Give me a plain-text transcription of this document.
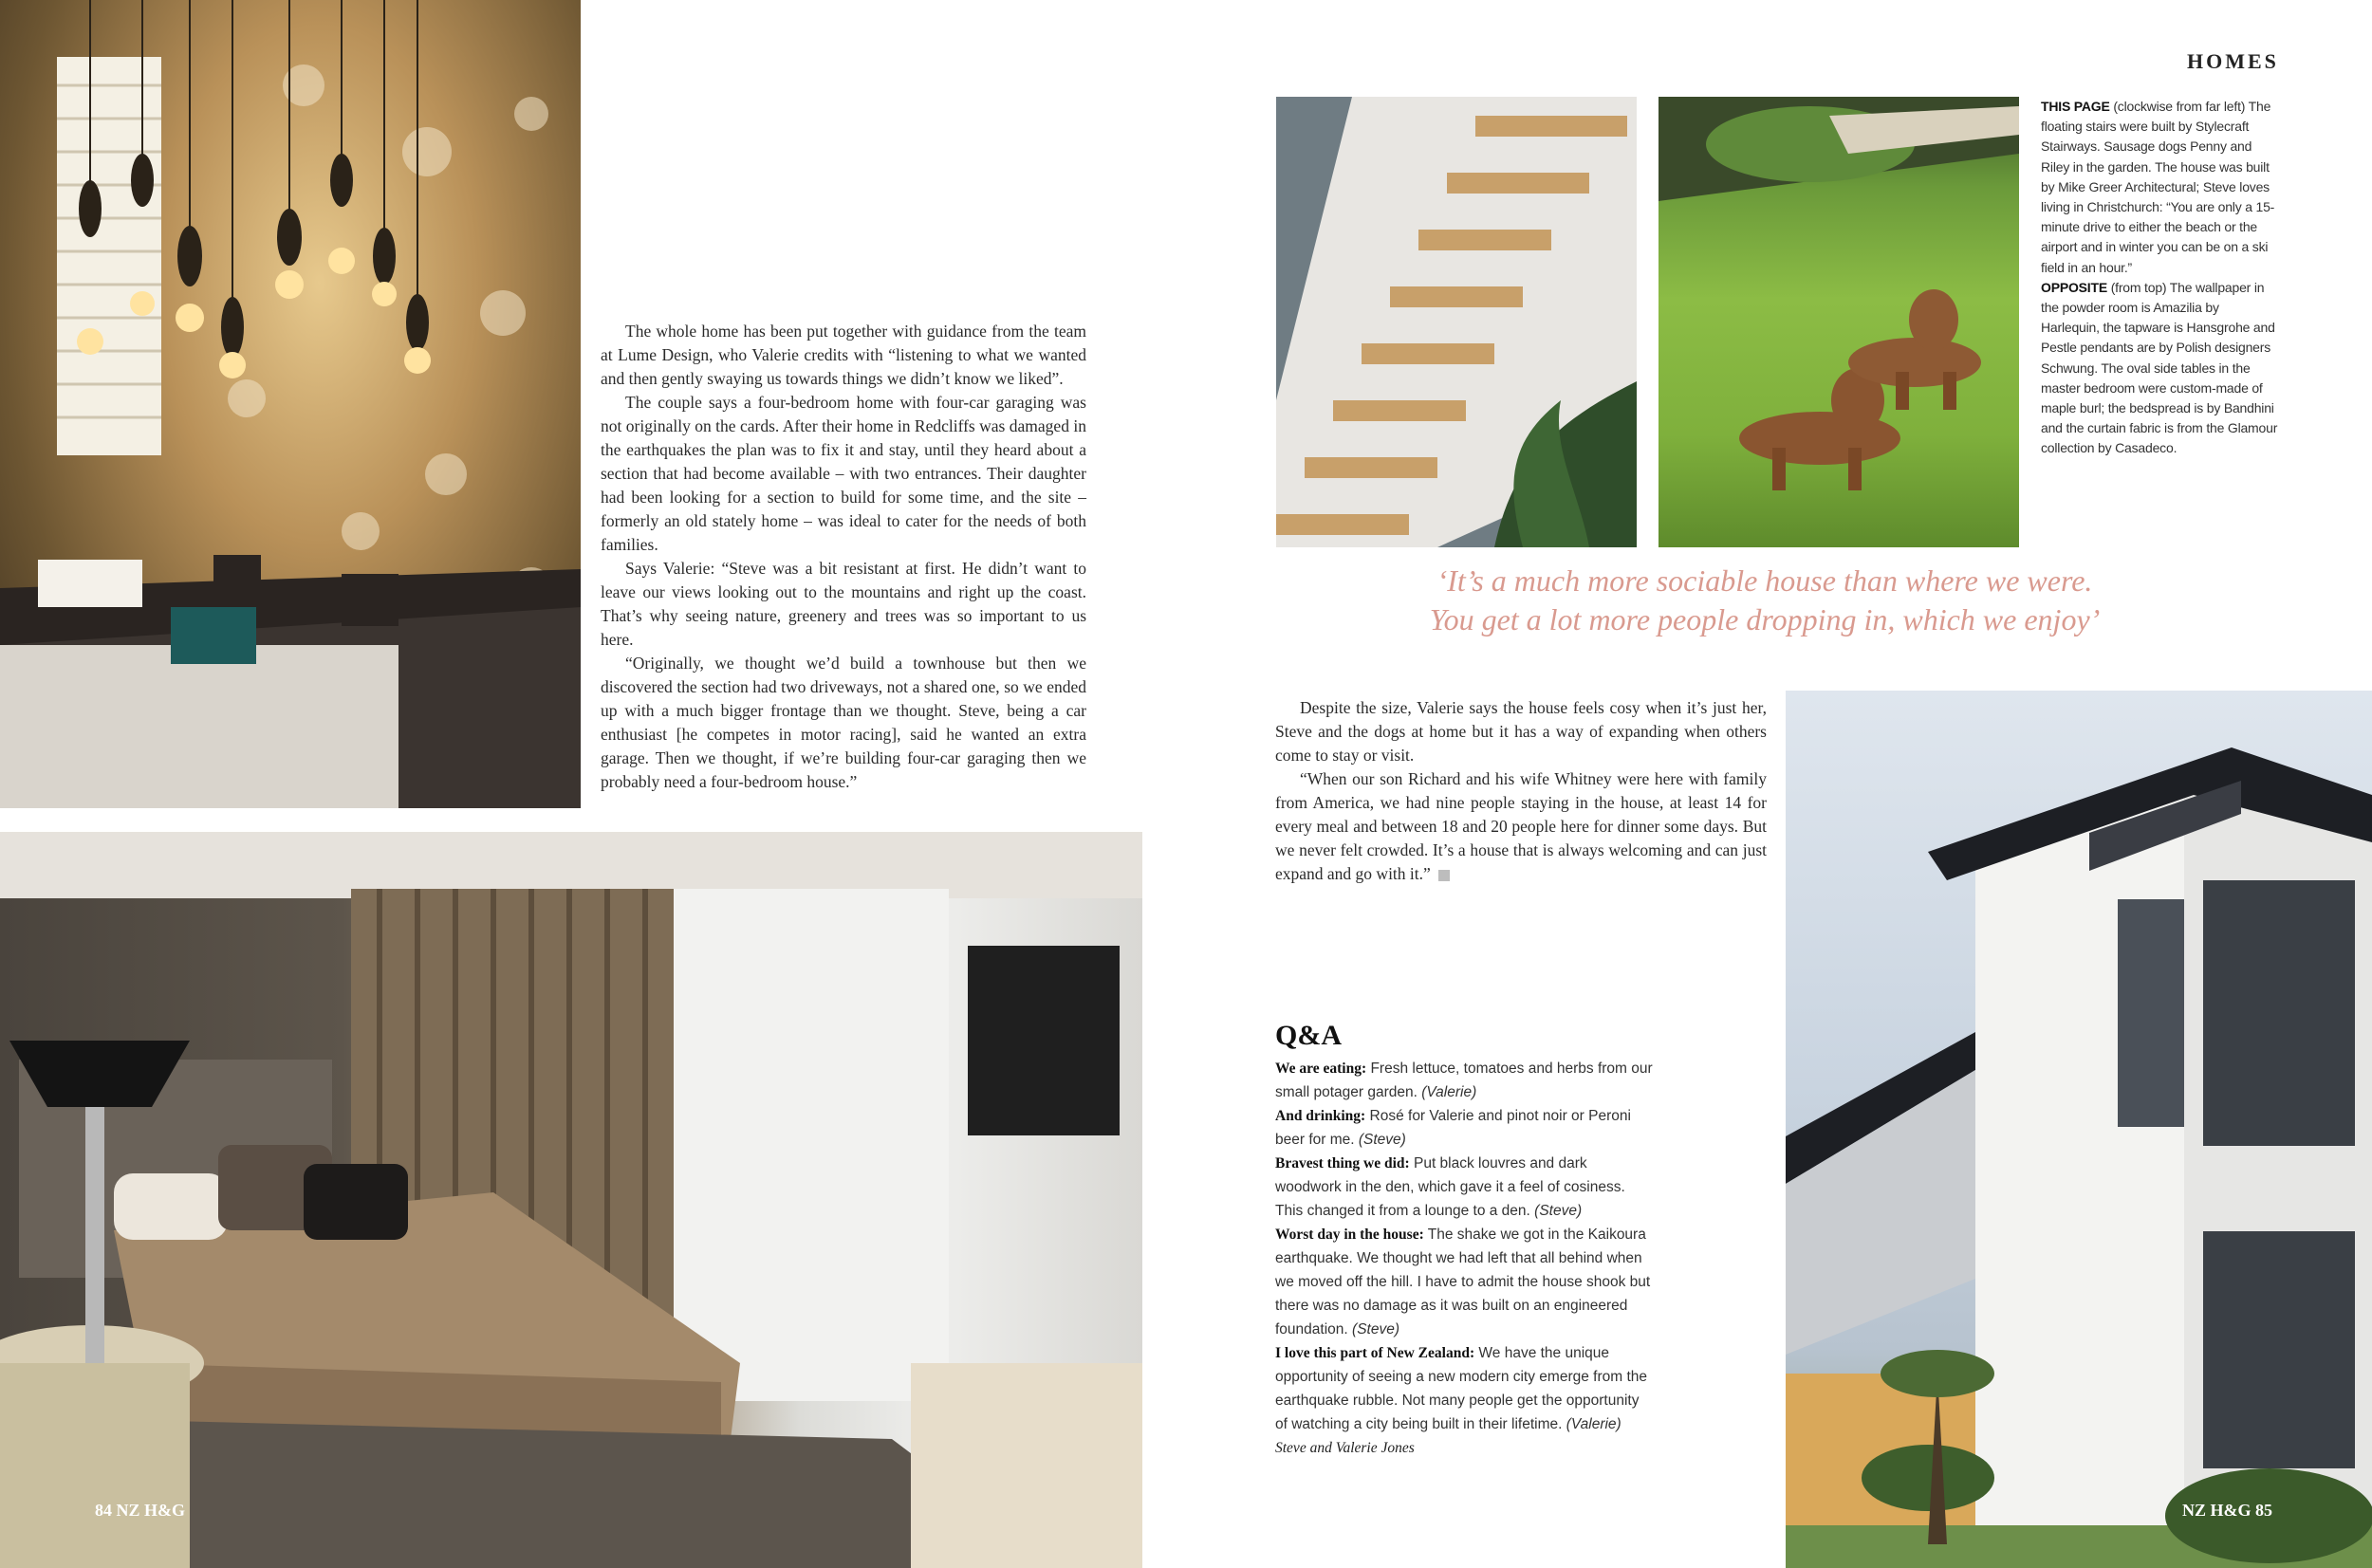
HOMES
84 NZ H&G	NZ H&G 85

The whole home has been put together with guidance from the team at Lume Design, who Valerie credits with “listening to what we wanted and then gently swaying us towards things we didn’t know we liked”.

The couple says a four-bedroom home with four-car garaging was not originally on the cards. After their home in Redcliffs was damaged in the earthquakes the plan was to fix it and stay, until they heard about a section that had become available – with two entrances. Their daughter had been looking for a section to build for some time, and the site – formerly an old stately home – was ideal to cater for the needs of both families.

Says Valerie: “Steve was a bit resistant at first. He didn’t want to leave our views looking out to the mountains and right up the coast. That’s why seeing nature, greenery and trees was so important to us here.

“Originally, we thought we’d build a townhouse but then we discovered the section had two driveways, not a shared one, so we ended up with a much bigger frontage than we thought. Steve, being a car enthusiast [he competes in motor racing], said he wanted an extra garage. Then we thought, if we’re building four-car garaging then we probably need a four-bedroom house.”

THIS PAGE (clockwise from far left) The floating stairs were built by Stylecraft Stairways. Sausage dogs Penny and Riley in the garden. The house was built by Mike Greer Architectural; Steve loves living in Christchurch: “You are only a 15-minute drive to either the beach or the airport and in winter you can be on a ski field in an hour.”
OPPOSITE (from top) The wallpaper in the powder room is Amazilia by Harlequin, the tapware is Hansgrohe and Pestle pendants are by Polish designers Schwung. The oval side tables in the master bedroom were custom-made of maple burl; the bedspread is by Bandhini and the curtain fabric is from the Glamour collection by Casadeco.
‘It’s a much more sociable house than where we were.
You get a lot more people dropping in, which we enjoy’

Despite the size, Valerie says the house feels cosy when it’s just her, Steve and the dogs at home but it has a way of expanding when others come to stay or visit.

“When our son Richard and his wife Whitney were here with family from America, we had nine people staying in the house, at least 14 for every meal and between 18 and 20 people here for dinner some days. But we never felt crowded. It’s a house that is always welcoming and can just expand and go with it.”

Q&A

We are eating: Fresh lettuce, tomatoes and herbs from our small potager garden. (Valerie)

And drinking: Rosé for Valerie and pinot noir or Peroni beer for me. (Steve)

Bravest thing we did: Put black louvres and dark woodwork in the den, which gave it a feel of cosiness. This changed it from a lounge to a den. (Steve)

Worst day in the house: The shake we got in the Kaikoura earthquake. We thought we had left that all behind when we moved off the hill. I have to admit the house shook but there was no damage as it was built on an engineered foundation. (Steve)

I love this part of New Zealand: We have the unique opportunity of seeing a new modern city emerge from the earthquake rubble. Not many people get the opportunity of watching a city being built in their lifetime. (Valerie)

Steve and Valerie Jones
